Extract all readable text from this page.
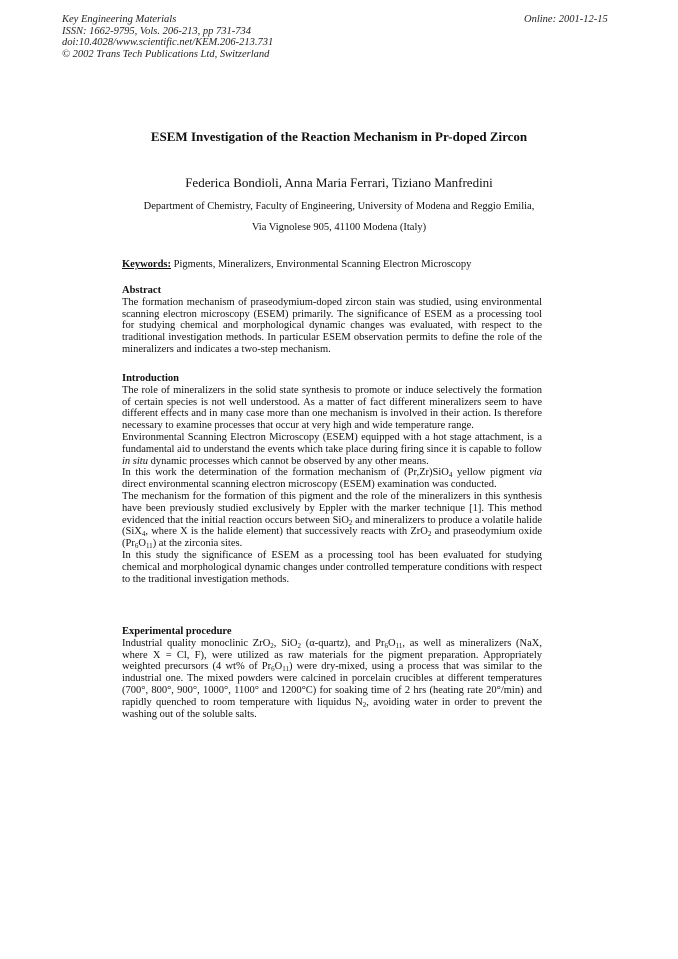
Key Engineering Materials
ISSN: 1662-9795, Vols. 206-213, pp 731-734
doi:10.4028/www.scientific.net/KEM.206-213.731
© 2002 Trans Tech Publications Ltd, Switzerland
Online: 2001-12-15
ESEM Investigation of the Reaction Mechanism in Pr-doped Zircon
Federica Bondioli, Anna Maria Ferrari, Tiziano Manfredini
Department of Chemistry, Faculty of Engineering, University of Modena and Reggio Emilia,
Via Vignolese 905, 41100 Modena (Italy)
Keywords: Pigments, Mineralizers, Environmental Scanning Electron Microscopy
Abstract

The formation mechanism of praseodymium-doped zircon stain was studied, using environmental scanning electron microscopy (ESEM) primarily. The significance of ESEM as a processing tool for studying chemical and morphological dynamic changes was evaluated, with respect to the traditional investigation methods. In particular ESEM observation permits to define the role of the mineralizers and indicates a two-step mechanism.

Introduction

The role of mineralizers in the solid state synthesis to promote or induce selectively the formation of certain species is not well understood. As a matter of fact different mineralizers seem to have different effects and in many case more than one mechanism is involved in their action. Is therefore necessary to examine processes that occur at very high and wide temperature range.

Environmental Scanning Electron Microscopy (ESEM) equipped with a hot stage attachment, is a fundamental aid to understand the events which take place during firing since it is capable to follow in situ dynamic processes which cannot be observed by any other means.

In this work the determination of the formation mechanism of (Pr,Zr)SiO$_4$ yellow pigment via direct environmental scanning electron microscopy (ESEM) examination was conducted.

The mechanism for the formation of this pigment and the role of the mineralizers in this synthesis have been previously studied exclusively by Eppler with the marker technique [1]. This method evidenced that the initial reaction occurs between SiO$_2$ and mineralizers to produce a volatile halide (SiX$_4$, where X is the halide element) that successively reacts with ZrO$_2$ and praseodymium oxide $(Pr_6O_{11})$ at the zirconia sites.

In this study the significance of ESEM as a processing tool has been evaluated for studying chemical and morphological dynamic changes under controlled temperature conditions with respect to the traditional investigation methods.

Experimental procedure

Industrial quality monoclinic ZrO$_2$, SiO$_2$ (α-quartz), and $Pr_6O_{11}$, as well as mineralizers (NaX, where X = Cl, F), were utilized as raw materials for the pigment preparation. Appropriately weighted precursors (4 wt% of $Pr_6O_{11}$) were dry-mixed, using a process that was similar to the industrial one. The mixed powders were calcined in porcelain crucibles at different temperatures (700°, 800°, 900°, 1000°, 1100° and 1200°C) for soaking time of 2 hrs (heating rate 20°/min) and rapidly quenched to room temperature with liquidus $N_2$, avoiding water in order to prevent the washing out of the soluble salts.
